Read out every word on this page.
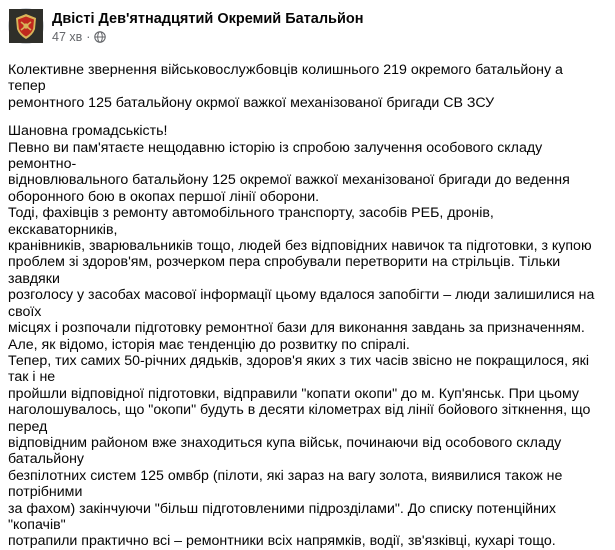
Двісті Дев'ятнадцятий Окремий Батальйон
47 хв ·

Колективне звернення військовослужбовців колишнього 219 окремого батальйону а тепер
ремонтного 125 батальйону окрмої важкої механізованої бригади СВ ЗСУ

Шановна громадськість!

Певно ви пам'ятаєте нещодавню історію із спробою залучення особового складу ремонтно-
відновлювального батальйону 125 окремої важкої механізованої бригади до ведення
оборонного бою в окопах першої лінії оборони.

Тоді, фахівців з ремонту автомобільного транспорту, засобів РЕБ, дронів, екскаваторників,
кранівників, зварювальників тощо, людей без відповідних навичок та підготовки, з купою
проблем зі здоров'ям, розчерком пера спробували перетворити на стрільців. Тільки завдяки
розголосу у засобах масової інформації цьому вдалося запобігти – люди залишилися на своїх
місцях і розпочали підготовку ремонтної бази для виконання завдань за призначенням.

Але, як відомо, історія має тенденцію до розвитку по спіралі.

Тепер, тих самих 50-річних дядьків, здоров'я яких з тих часів звісно не покращилося, які так і не
пройшли відповідної підготовки, відправили "копати окопи" до м. Куп'янськ. При цьому
наголошувалось, що "окопи" будуть в десяти кілометрах від лінії бойового зіткнення, що перед
відповідним районом вже знаходиться купа військ, починаючи від особового складу батальйону
безпілотних систем 125 омвбр (пілоти, які зараз на вагу золота, виявилися також не потрібними
за фахом) закінчуючи "більш підготовленими підрозділами". До списку потенційних "копачів"
потрапили практично всі – ремонтники всіх напрямків, водії, зв'язківці, кухарі тощо.
